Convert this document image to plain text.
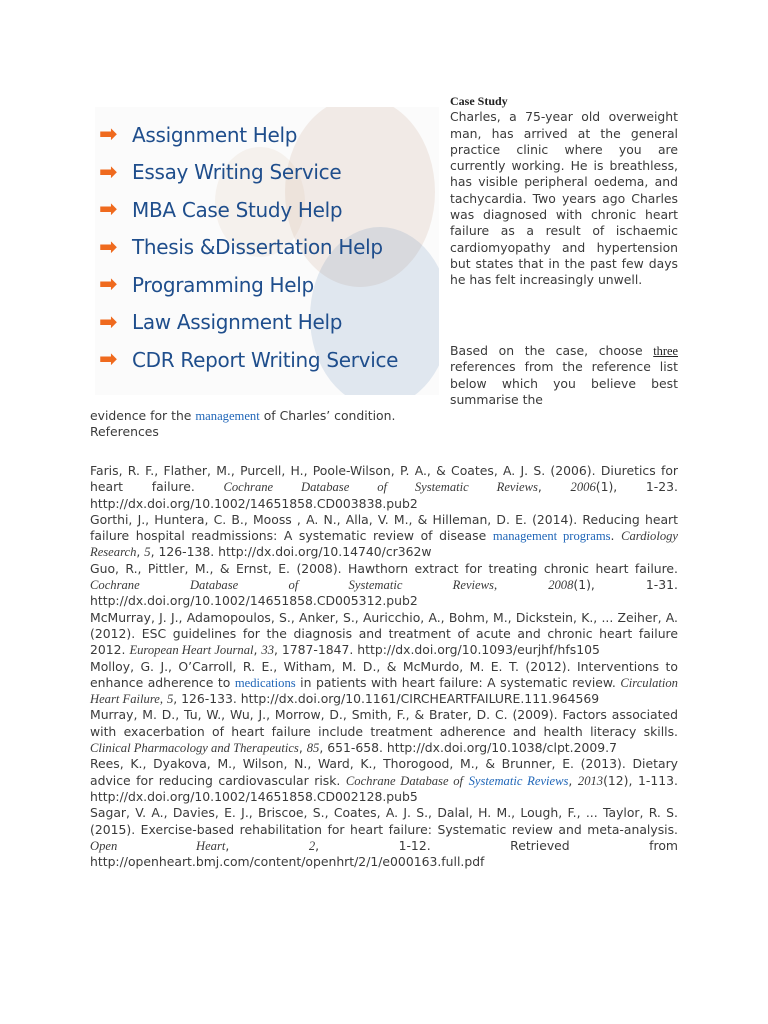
➡ Assignment Help
➡ Essay Writing Service
➡ MBA Case Study Help
➡ Thesis &Dissertation Help
➡ Programming Help
➡ Law Assignment Help
➡ CDR Report Writing Service
Case Study
Charles, a 75-year old overweight man, has arrived at the general practice clinic where you are currently working. He is breathless, has visible peripheral oedema, and tachycardia. Two years ago Charles was diagnosed with chronic heart failure as a result of ischaemic cardiomyopathy and hypertension but states that in the past few days he has felt increasingly unwell.
Based on the case, choose three references from the reference list below which you believe best summarise the
evidence for the management of Charles’ condition.
References

Faris, R. F., Flather, M., Purcell, H., Poole-Wilson, P. A., & Coates, A. J. S. (2006). Diuretics for heart failure. Cochrane Database of Systematic Reviews, 2006(1), 1-23. http://dx.doi.org/10.1002/14651858.CD003838.pub2

Gorthi, J., Huntera, C. B., Mooss , A. N., Alla, V. M., & Hilleman, D. E. (2014). Reducing heart failure hospital readmissions: A systematic review of disease management programs. Cardiology Research, 5, 126-138. http://dx.doi.org/10.14740/cr362w

Guo, R., Pittler, M., & Ernst, E. (2008). Hawthorn extract for treating chronic heart failure. Cochrane Database of Systematic Reviews,	2008(1), 1-31. http://dx.doi.org/10.1002/14651858.CD005312.pub2

McMurray, J. J., Adamopoulos, S., Anker, S., Auricchio, A., Bohm, M., Dickstein, K., ... Zeiher, A. (2012). ESC guidelines for the diagnosis and treatment of acute and chronic heart failure 2012. European Heart Journal, 33, 1787-1847. http://dx.doi.org/10.1093/eurjhf/hfs105

Molloy, G. J., O’Carroll, R. E., Witham, M. D., & McMurdo, M. E. T. (2012). Interventions to enhance adherence to medications in patients with heart failure: A systematic review. Circulation Heart Failure, 5, 126-133. http://dx.doi.org/10.1161/CIRCHEARTFAILURE.111.964569

Murray, M. D., Tu, W., Wu, J., Morrow, D., Smith, F., & Brater, D. C. (2009). Factors associated with exacerbation of heart failure include treatment adherence and health literacy skills. Clinical Pharmacology and Therapeutics, 85, 651-658. http://dx.doi.org/10.1038/clpt.2009.7

Rees, K., Dyakova, M., Wilson, N., Ward, K., Thorogood, M., & Brunner, E. (2013). Dietary advice for reducing cardiovascular risk. Cochrane Database of Systematic Reviews, 2013(12), 1-113. http://dx.doi.org/10.1002/14651858.CD002128.pub5

Sagar, V. A., Davies, E. J., Briscoe, S., Coates, A. J. S., Dalal, H. M., Lough, F., ... Taylor, R. S. (2015). Exercise-based rehabilitation for heart failure: Systematic review and meta-analysis. Open Heart,	2, 1-12. Retrieved from http://openheart.bmj.com/content/openhrt/2/1/e000163.full.pdf
